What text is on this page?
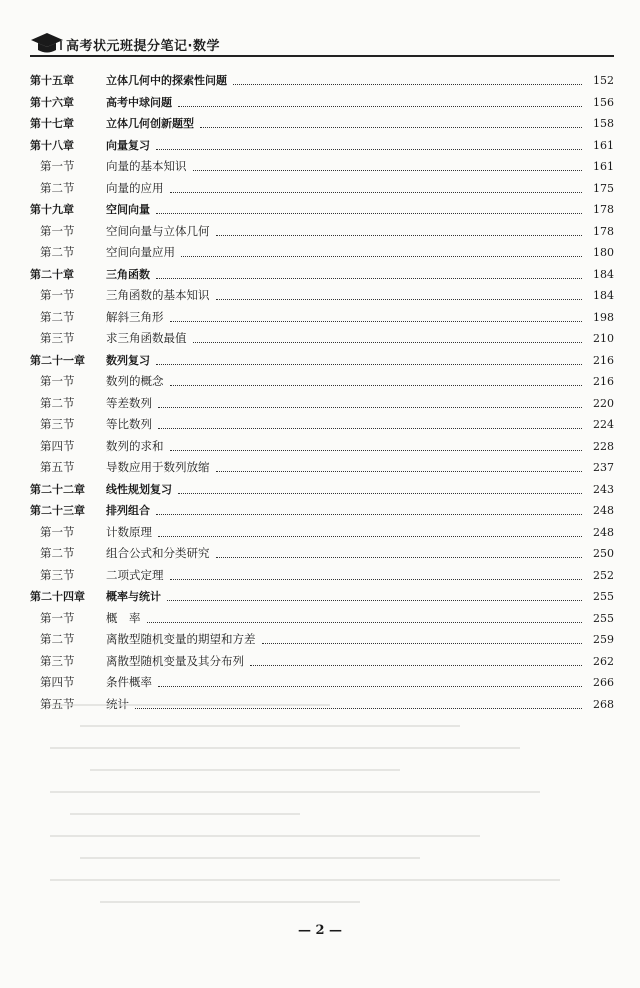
高考状元班提分笔记·数学
第十五章	立体几何中的探索性问题	152
第十六章	高考中球问题	156
第十七章	立体几何创新题型	158
第十八章	向量复习	161
第一节	向量的基本知识	161
第二节	向量的应用	175
第十九章	空间向量	178
第一节	空间向量与立体几何	178
第二节	空间向量应用	180
第二十章	三角函数	184
第一节	三角函数的基本知识	184
第二节	解斜三角形	198
第三节	求三角函数最值	210
第二十一章	数列复习	216
第一节	数列的概念	216
第二节	等差数列	220
第三节	等比数列	224
第四节	数列的求和	228
第五节	导数应用于数列放缩	237
第二十二章	线性规划复习	243
第二十三章	排列组合	248
第一节	计数原理	248
第二节	组合公式和分类研究	250
第三节	二项式定理	252
第二十四章	概率与统计	255
第一节	概　率	255
第二节	离散型随机变量的期望和方差	259
第三节	离散型随机变量及其分布列	262
第四节	条件概率	266
第五节	统计	268
— 2 —
